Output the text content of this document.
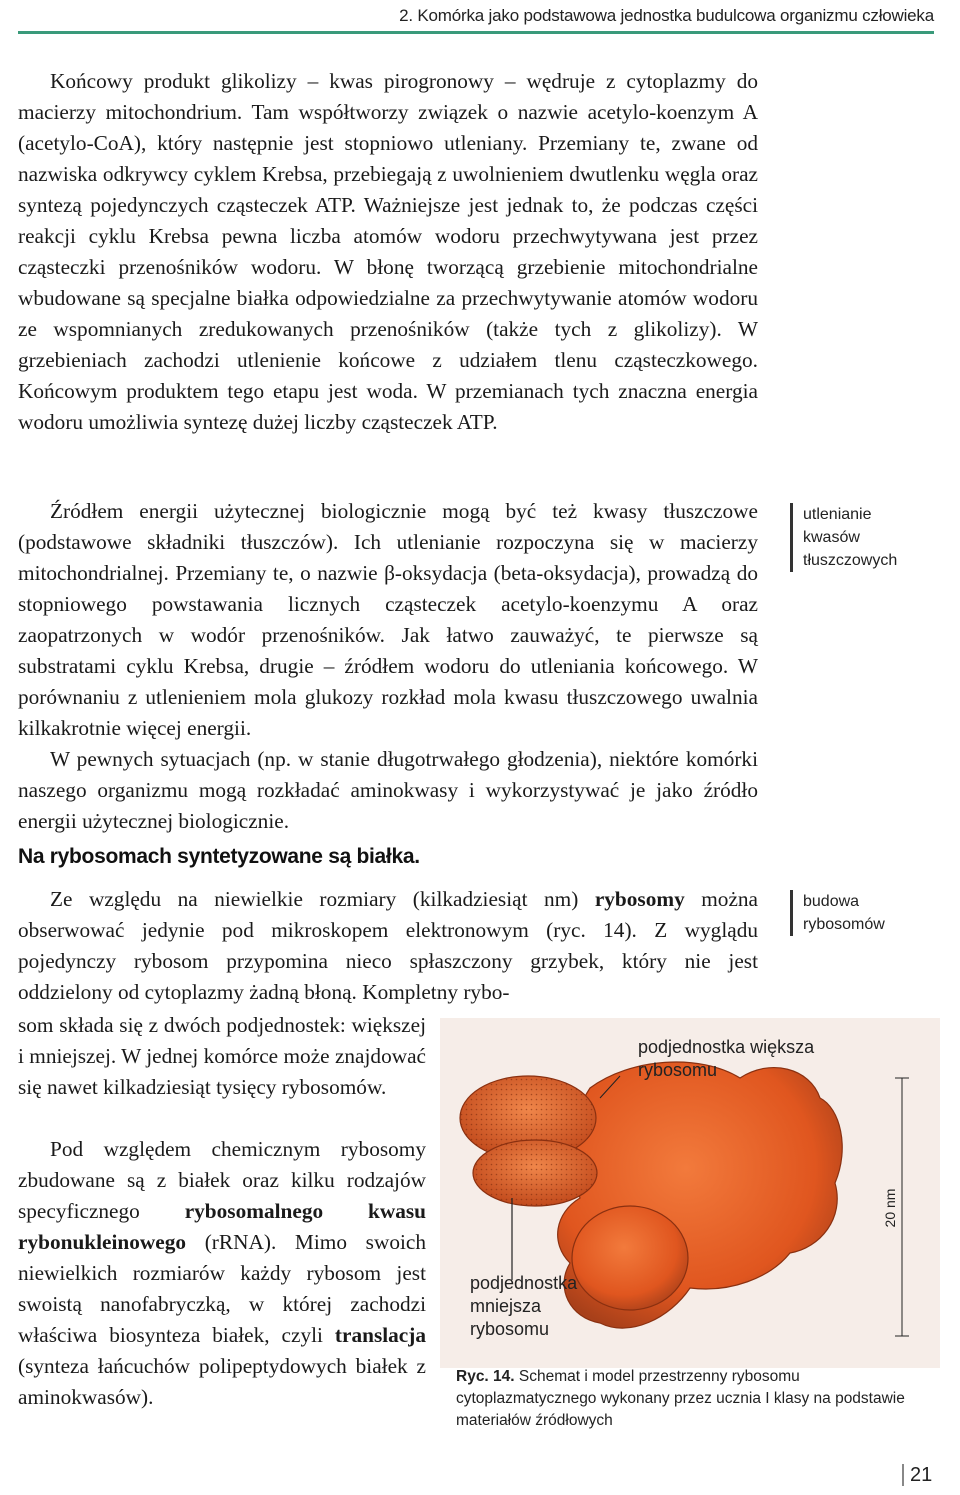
2. Komórka jako podstawowa jednostka budulcowa organizmu człowieka

Końcowy produkt glikolizy – kwas pirogronowy – wędruje z cytoplazmy do macierzy mitochondrium. Tam współtworzy związek o nazwie acetylo-koenzym A (acetylo-CoA), który następnie jest stopniowo utleniany. Przemiany te, zwane od nazwiska odkrywcy cyklem Krebsa, przebiegają z uwolnieniem dwutlenku węgla oraz syntezą pojedynczych cząsteczek ATP. Ważniejsze jest jednak to, że podczas części reakcji cyklu Krebsa pewna liczba atomów wodoru przechwytywana jest przez cząsteczki przenośników wodoru. W błonę tworzącą grzebienie mitochondrialne wbudowane są specjalne białka odpowiedzialne za przechwytywanie atomów wodoru ze wspomnianych zredukowanych przenośników (także tych z glikolizy). W grzebieniach zachodzi utlenienie końcowe z udziałem tlenu cząsteczkowego. Końcowym produktem tego etapu jest woda. W przemianach tych znaczna energia wodoru umożliwia syntezę dużej liczby cząsteczek ATP.

Źródłem energii użytecznej biologicznie mogą być też kwasy tłuszczowe (podstawowe składniki tłuszczów). Ich utlenianie rozpoczyna się w macierzy mitochondrialnej. Przemiany te, o nazwie β-oksydacja (beta-oksydacja), prowadzą do stopniowego powstawania licznych cząsteczek acetylo-koenzymu A oraz zaopatrzonych w wodór przenośników. Jak łatwo zauważyć, te pierwsze są substratami cyklu Krebsa, drugie – źródłem wodoru do utleniania końcowego. W porównaniu z utlenieniem mola glukozy rozkład mola kwasu tłuszczowego uwalnia kilkakrotnie więcej energii.

W pewnych sytuacjach (np. w stanie długotrwałego głodzenia), niektóre komórki naszego organizmu mogą rozkładać aminokwasy i wykorzystywać je jako źródło energii użytecznej biologicznie.

Na rybosomach syntetyzowane są białka.

Ze względu na niewielkie rozmiary (kilkadziesiąt nm) rybosomy można obserwować jedynie pod mikroskopem elektronowym (ryc. 14). Z wyglądu pojedynczy rybosom przypomina nieco spłaszczony grzybek, który nie jest oddzielony od cytoplazmy żadną błoną. Kompletny rybo-

som składa się z dwóch podjednostek: większej i mniejszej. W jednej komórce może znajdować się nawet kilkadziesiąt tysięcy rybosomów.

Pod względem chemicznym rybosomy zbudowane są z białek oraz kilku rodzajów specyficznego rybosomalnego kwasu rybonukleinowego (rRNA). Mimo swoich niewielkich rozmiarów każdy rybosom jest swoistą nanofabryczką, w której zachodzi właściwa biosynteza białek, czyli translacja (synteza łańcuchów polipeptydowych białek z aminokwasów).

utlenianie kwasów tłuszczowych
budowa rybosomów
podjednostka większa rybosomu
podjednostka mniejsza rybosomu
20 nm
Ryc. 14. Schemat i model przestrzenny rybosomu cytoplazmatycznego wykonany przez ucznia I klasy na podstawie materiałów źródłowych
21
